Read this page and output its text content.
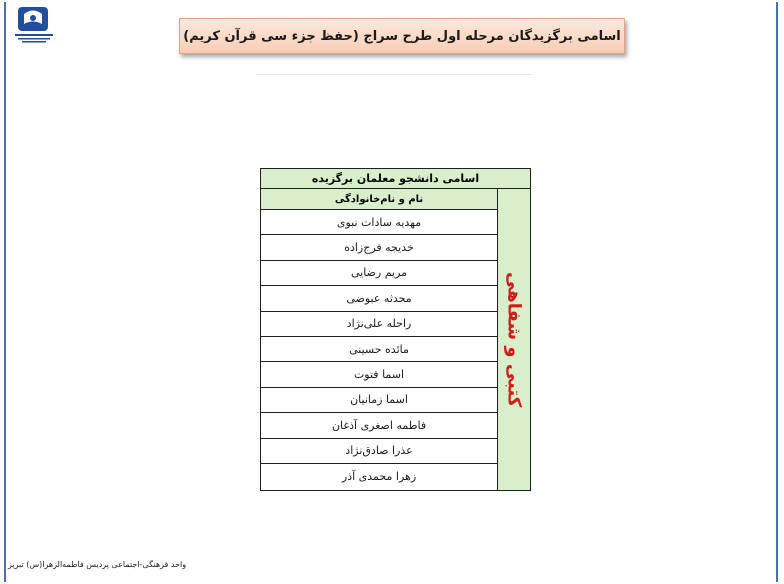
اسامی برگزیدگان مرحله اول طرح سراج (حفظ جزء سی قرآن کریم)
اسامی دانشجو معلمان برگزیده
کتبی و شفاهی
نام و نام‌خانوادگی
مهدیه سادات نبوی
خدیجه فرج‌زاده
مریم رضایی
محدثه عبوضی
راحله علی‌نژاد
مائده حسینی
اسما فتوت
اسما زمانیان
فاطمه اصغری آذغان
عذرا صادق‌نژاد
زهرا محمدی آذر
واحد فرهنگی-اجتماعی پردیس فاطمه‌الزهرا(س) تبریز
